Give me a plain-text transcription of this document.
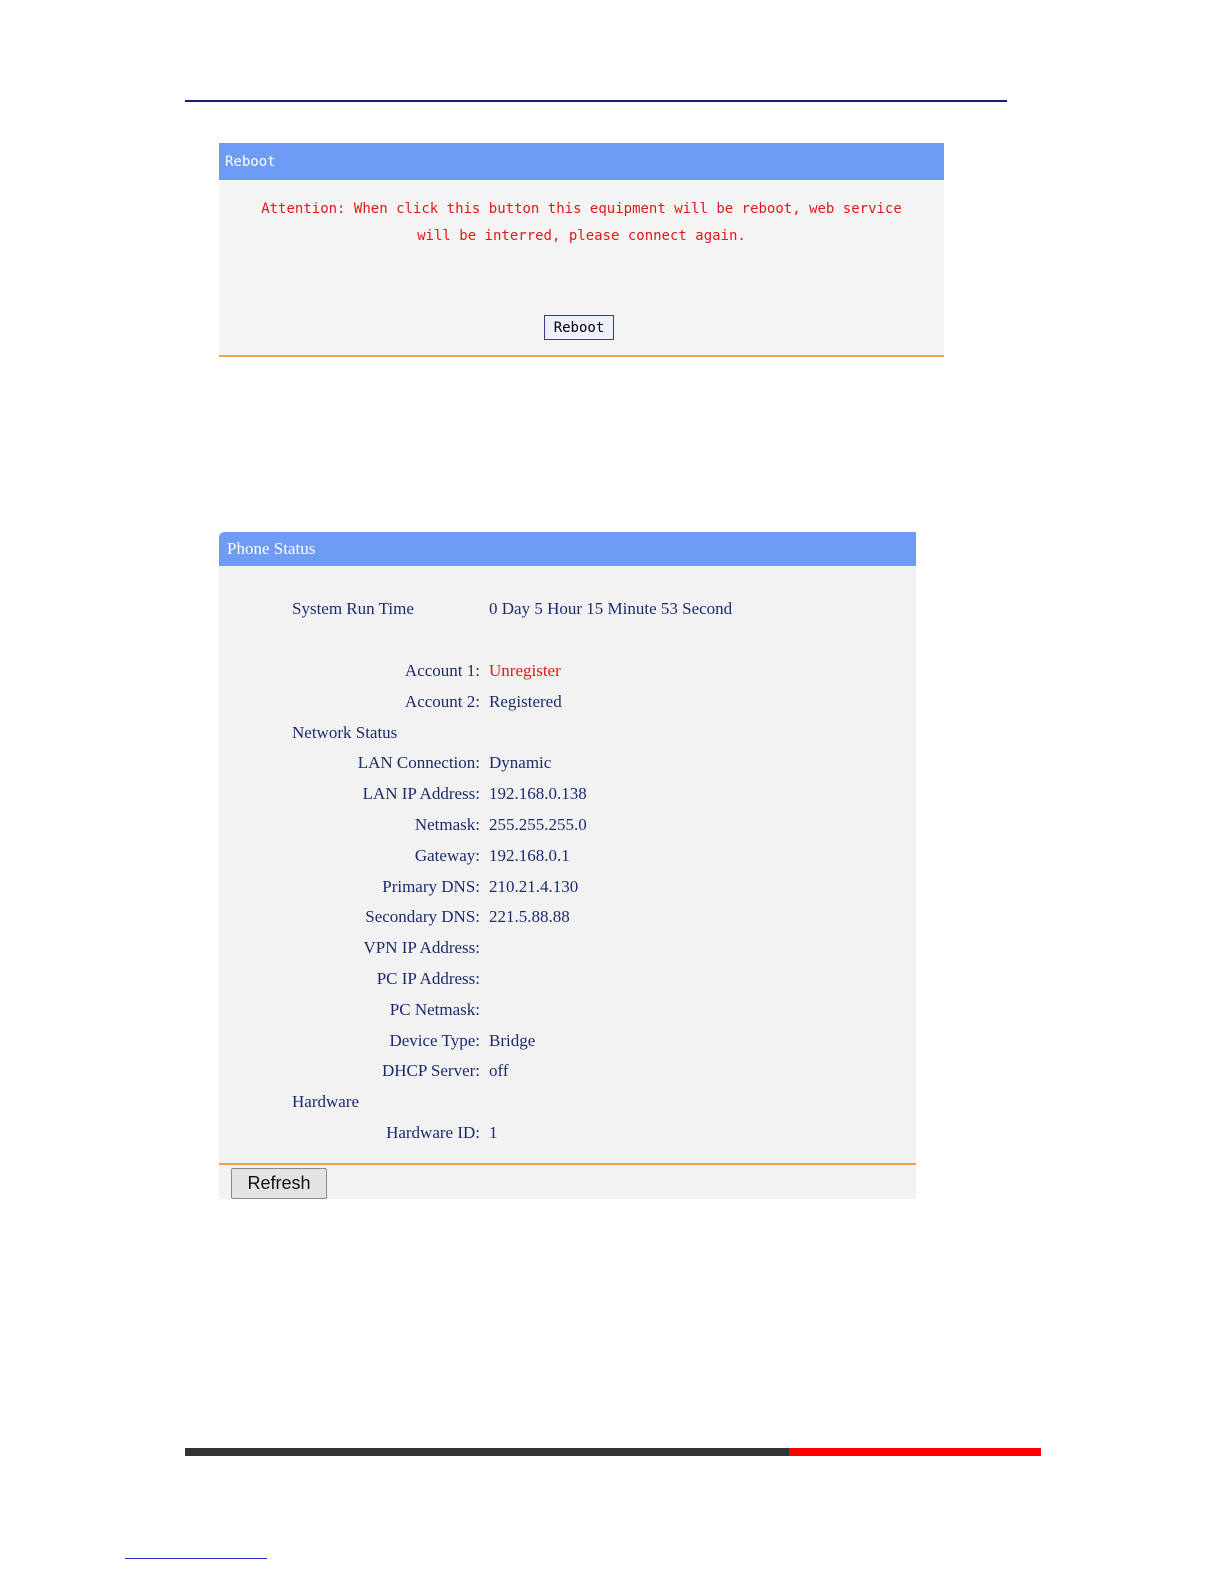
Reboot
Attention: When click this button this equipment will be reboot, web service will be interred, please connect again.
Reboot
Phone Status
System Run Time	0 Day 5 Hour 15 Minute 53 Second
Account 1: Unregister
Account 2: Registered
Network Status
LAN Connection: Dynamic
LAN IP Address: 192.168.0.138
Netmask: 255.255.255.0
Gateway: 192.168.0.1
Primary DNS: 210.21.4.130
Secondary DNS: 221.5.88.88
VPN IP Address:
PC IP Address:
PC Netmask:
Device Type: Bridge
DHCP Server: off
Hardware
Hardware ID: 1
Refresh
